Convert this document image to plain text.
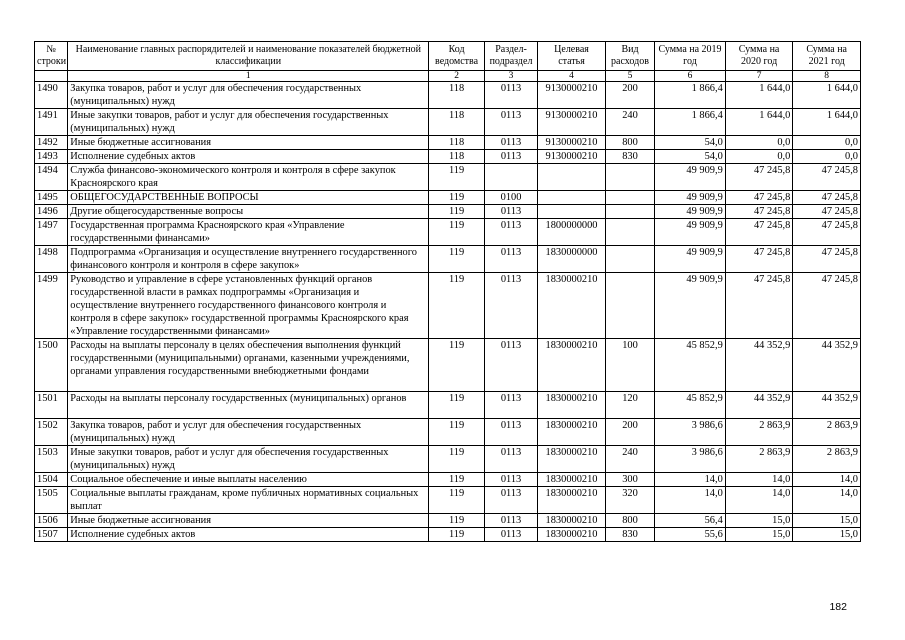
№ строки	Наименование главных распорядителей и наименование показателей бюджетной классификации	Код ведомства	Раздел-подраздел	Целевая статья	Вид расходов	Сумма на 2019 год	Сумма на 2020 год	Сумма на 2021 год
	1	2	3	4	5	6	7	8
1490	Закупка товаров, работ и услуг для обеспечения государственных (муниципальных) нужд	118	0113	9130000210	200	1 866,4	1 644,0	1 644,0
1491	Иные закупки товаров, работ и услуг для обеспечения государственных (муниципальных) нужд	118	0113	9130000210	240	1 866,4	1 644,0	1 644,0
1492	Иные бюджетные ассигнования	118	0113	9130000210	800	54,0	0,0	0,0
1493	Исполнение судебных актов	118	0113	9130000210	830	54,0	0,0	0,0
1494	Служба финансово-экономического контроля и контроля в сфере закупок Красноярского края	119				49 909,9	47 245,8	47 245,8
1495	ОБЩЕГОСУДАРСТВЕННЫЕ ВОПРОСЫ	119	0100			49 909,9	47 245,8	47 245,8
1496	Другие общегосударственные вопросы	119	0113			49 909,9	47 245,8	47 245,8
1497	Государственная программа Красноярского края «Управление государственными финансами»	119	0113	1800000000		49 909,9	47 245,8	47 245,8
1498	Подпрограмма «Организация и осуществление внутреннего государственного финансового контроля и контроля в сфере закупок»	119	0113	1830000000		49 909,9	47 245,8	47 245,8
1499	Руководство и управление в сфере установленных функций органов государственной власти в рамках подпрограммы «Организация и осуществление внутреннего государственного финансового контроля и контроля в сфере закупок» государственной программы Красноярского края «Управление государственными финансами»	119	0113	1830000210		49 909,9	47 245,8	47 245,8
1500	Расходы на выплаты персоналу в целях обеспечения выполнения функций государственными (муниципальными) органами, казенными учреждениями, органами управления государственными внебюджетными фондами	119	0113	1830000210	100	45 852,9	44 352,9	44 352,9
1501	Расходы на выплаты персоналу государственных (муниципальных) органов	119	0113	1830000210	120	45 852,9	44 352,9	44 352,9
1502	Закупка товаров, работ и услуг для обеспечения государственных (муниципальных) нужд	119	0113	1830000210	200	3 986,6	2 863,9	2 863,9
1503	Иные закупки товаров, работ и услуг для обеспечения государственных (муниципальных) нужд	119	0113	1830000210	240	3 986,6	2 863,9	2 863,9
1504	Социальное обеспечение и иные выплаты населению	119	0113	1830000210	300	14,0	14,0	14,0
1505	Социальные выплаты гражданам, кроме публичных нормативных социальных выплат	119	0113	1830000210	320	14,0	14,0	14,0
1506	Иные бюджетные ассигнования	119	0113	1830000210	800	56,4	15,0	15,0
1507	Исполнение судебных актов	119	0113	1830000210	830	55,6	15,0	15,0
182
